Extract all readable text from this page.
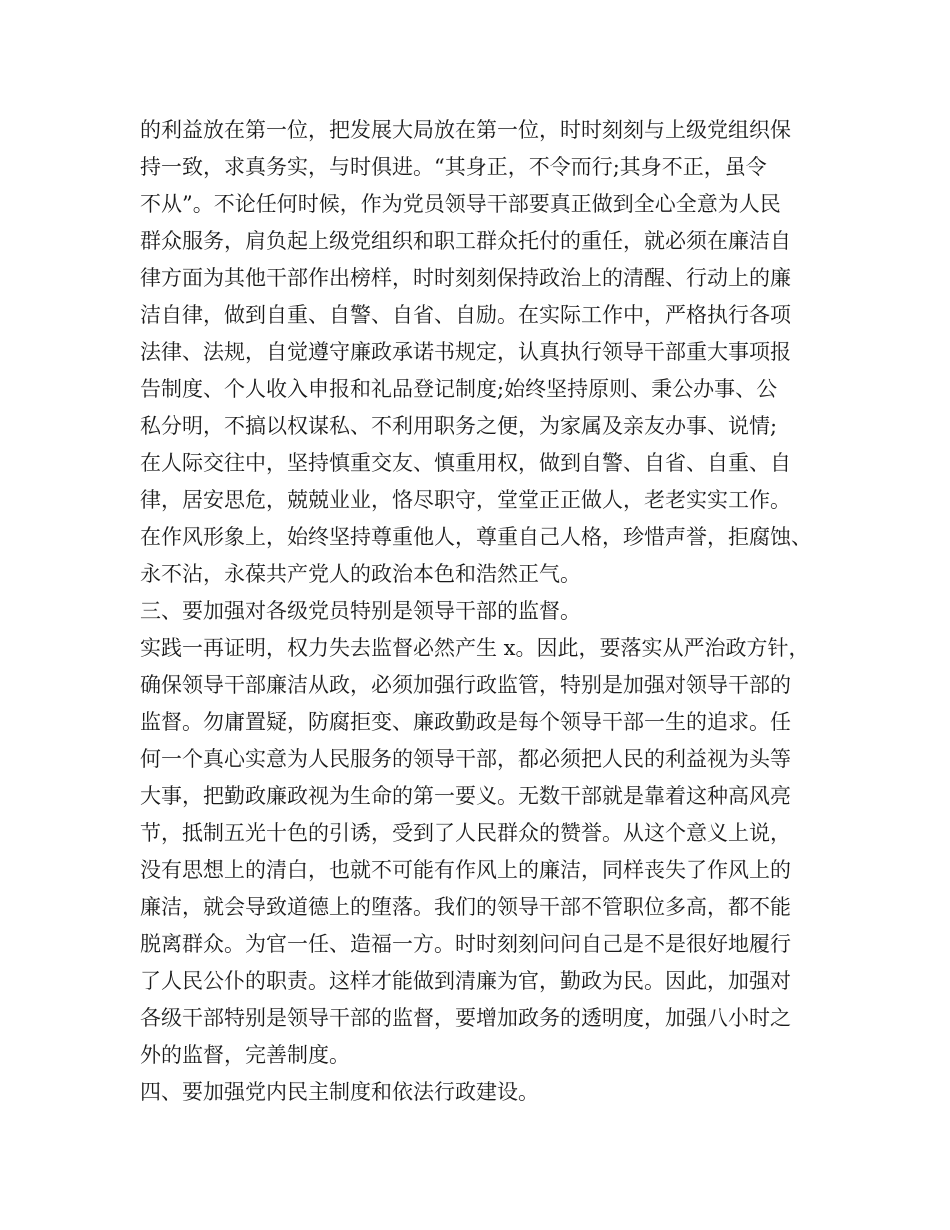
的利益放在第一位，把发展大局放在第一位，时时刻刻与上级党组织保
持一致，求真务实，与时俱进。“其身正，不令而行;其身不正，虽令
不从”。不论任何时候，作为党员领导干部要真正做到全心全意为人民
群众服务，肩负起上级党组织和职工群众托付的重任，就必须在廉洁自
律方面为其他干部作出榜样，时时刻刻保持政治上的清醒、行动上的廉
洁自律，做到自重、自警、自省、自励。在实际工作中，严格执行各项
法律、法规，自觉遵守廉政承诺书规定，认真执行领导干部重大事项报
告制度、个人收入申报和礼品登记制度;始终坚持原则、秉公办事、公
私分明，不搞以权谋私、不利用职务之便，为家属及亲友办事、说情;
在人际交往中，坚持慎重交友、慎重用权，做到自警、自省、自重、自
律，居安思危，兢兢业业，恪尽职守，堂堂正正做人，老老实实工作。
在作风形象上，始终坚持尊重他人，尊重自己人格，珍惜声誉，拒腐蚀、
永不沾，永葆共产党人的政治本色和浩然正气。
三、要加强对各级党员特别是领导干部的监督。
实践一再证明，权力失去监督必然产生 x。因此，要落实从严治政方针，
确保领导干部廉洁从政，必须加强行政监管，特别是加强对领导干部的
监督。勿庸置疑，防腐拒变、廉政勤政是每个领导干部一生的追求。任
何一个真心实意为人民服务的领导干部，都必须把人民的利益视为头等
大事，把勤政廉政视为生命的第一要义。无数干部就是靠着这种高风亮
节，抵制五光十色的引诱，受到了人民群众的赞誉。从这个意义上说，
没有思想上的清白，也就不可能有作风上的廉洁，同样丧失了作风上的
廉洁，就会导致道德上的堕落。我们的领导干部不管职位多高，都不能
脱离群众。为官一任、造福一方。时时刻刻问问自己是不是很好地履行
了人民公仆的职责。这样才能做到清廉为官，勤政为民。因此，加强对
各级干部特别是领导干部的监督，要增加政务的透明度，加强八小时之
外的监督，完善制度。
四、要加强党内民主制度和依法行政建设。
